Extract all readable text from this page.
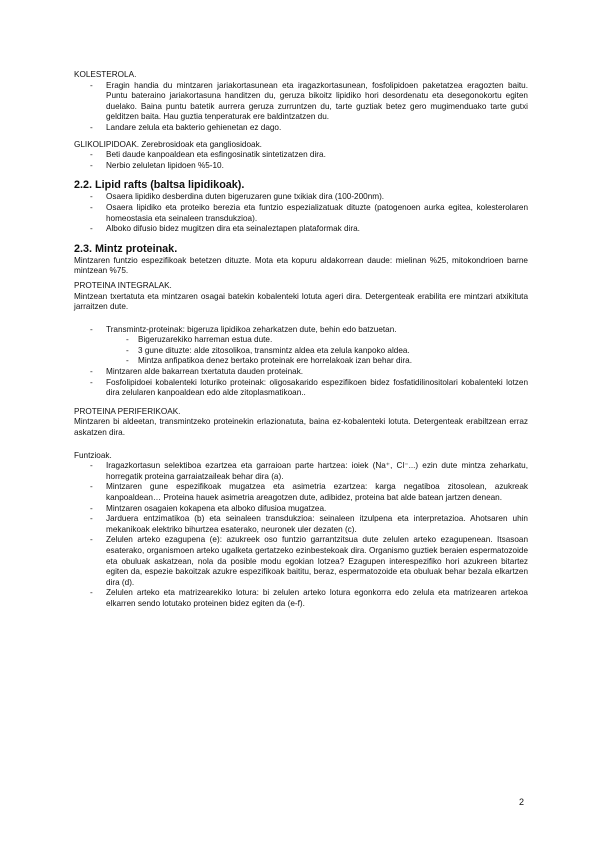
KOLESTEROLA.

- Eragin handia du mintzaren jariakortasunean eta iragazkortasunean, fosfolipidoen paketatzea eragozten baitu. Puntu bateraino jariakortasuna handitzen du, geruza bikoitz lipidiko hori desordenatu eta desegonokortu egiten duelako. Baina puntu batetik aurrera geruza zurruntzen du, tarte guztiak betez gero mugimenduako tarte gutxi gelditzen baita. Hau guztia tenperaturak ere baldintzatzen du.
- Landare zelula eta bakterio gehienetan ez dago.

GLIKOLIPIDOAK. Zerebrosidoak eta gangliosidoak.

- Beti daude kanpoaldean eta esfingosinatik sintetizatzen dira.
- Nerbio zeluletan lipidoen %5-10.

2.2. Lipid rafts (baltsa lipidikoak).

- Osaera lipidiko desberdina duten bigeruzaren gune txikiak dira (100-200nm).
- Osaera lipidiko eta proteiko berezia eta funtzio espezializatuak dituzte (patogenoen aurka egitea, kolesterolaren homeostasia eta seinaleen transdukzioa).
- Alboko difusio bidez mugitzen dira eta seinaleztapen plataformak dira.

2.3. Mintz proteinak.

Mintzaren funtzio espezifikoak betetzen dituzte. Mota eta kopuru aldakorrean daude: mielinan %25, mitokondrioen barne mintzean %75.

PROTEINA INTEGRALAK.

Mintzean txertatuta eta mintzaren osagai batekin kobalenteki lotuta ageri dira. Detergenteak erabilita ere mintzari atxikituta jarraitzen dute.

- Transmintz-proteinak: bigeruza lipidikoa zeharkatzen dute, behin edo batzuetan.
- Bigeruzarekiko harreman estua dute.
- 3 gune dituzte: alde zitosolikoa, transmintz aldea eta zelula kanpoko aldea.
- Mintza anfipatikoa denez bertako proteinak ere horrelakoak izan behar dira.
- Mintzaren alde bakarrean txertatuta dauden proteinak.
- Fosfolipidoei kobalenteki loturiko proteinak: oligosakarido espezifikoen bidez fosfatidilinositolari kobalenteki lotzen dira zelularen kanpoaldean edo alde zitoplasmatikoan..

PROTEINA PERIFERIKOAK.

Mintzaren bi aldeetan, transmintzeko proteinekin erlazionatuta, baina ez-kobalenteki lotuta. Detergenteak erabiltzean erraz askatzen dira.

Funtzioak.

- Iragazkortasun selektiboa ezartzea eta garraioan parte hartzea: ioiek (Na⁺, Cl⁻...) ezin dute mintza zeharkatu, horregatik proteina garraiatzaileak behar dira (a).
- Mintzaren gune espezifikoak mugatzea eta asimetria ezartzea: karga negatiboa zitosolean, azukreak kanpoaldean… Proteina hauek asimetria areagotzen dute, adibidez, proteina bat alde batean jartzen denean.
- Mintzaren osagaien kokapena eta alboko difusioa mugatzea.
- Jarduera entzimatikoa (b) eta seinaleen transdukzioa: seinaleen itzulpena eta interpretazioa. Ahotsaren uhin mekanikoak elektriko bihurtzea esaterako, neuronek uler dezaten (c).
- Zelulen arteko ezagupena (e): azukreek oso funtzio garrantzitsua dute zelulen arteko ezagupenean. Itsasoan esaterako, organismoen arteko ugalketa gertatzeko ezinbestekoak dira. Organismo guztiek beraien espermatozoide eta obuluak askatzean, nola da posible modu egokian lotzea? Ezagupen interespezifiko hori azukreen bitartez egiten da, espezie bakoitzak azukre espezifikoak baititu, beraz, espermatozoide eta obuluak behar bezala elkartzen dira (d).
- Zelulen arteko eta matrizearekiko lotura: bi zelulen arteko lotura egonkorra edo zelula eta matrizearen artekoa elkarren sendo lotutako proteinen bidez egiten da (e-f).
2
